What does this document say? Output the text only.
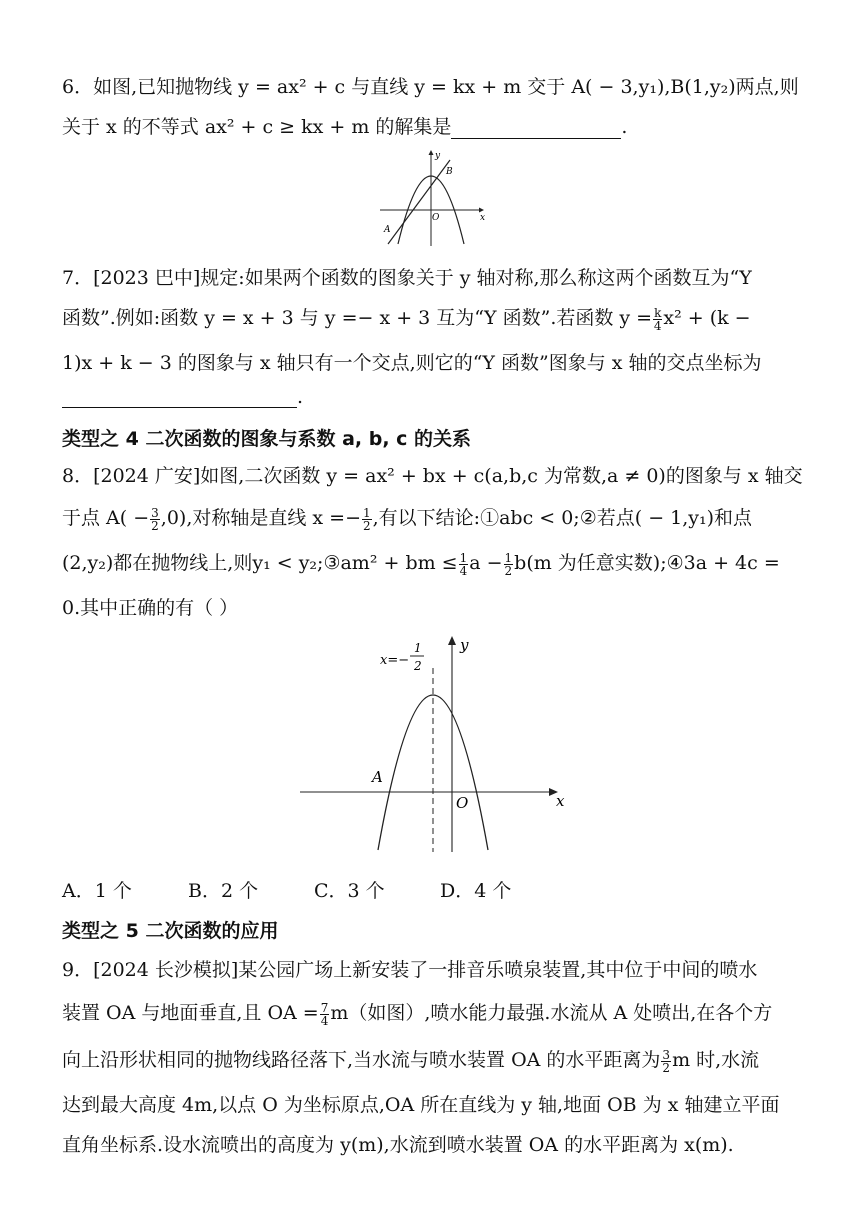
6．如图,已知抛物线 y = ax² + c 与直线 y = kx + m 交于 A( − 3,y₁),B(1,y₂)两点,则
关于 x 的不等式 ax² + c ≥ kx + m 的解集是	.
y
x
O
A
B
7．[2023 巴中]规定:如果两个函数的图象关于 y 轴对称,那么称这两个函数互为“Y
函数”.例如:函数 y = x + 3 与 y =− x + 3 互为“Y 函数”.若函数 $y = \frac{k}{4} x^2 + (k$ −
1)x + k − 3 的图象与 x 轴只有一个交点,则它的“Y 函数”图象与 x 轴的交点坐标为
.
类型之 4 二次函数的图象与系数 a, b, c 的关系
8．[2024 广安]如图,二次函数 y = ax² + bx + c(a,b,c 为常数,a ≠ 0)的图象与 x 轴交
于点 $A( - \frac{3}{2} ,0)$,对称轴是直线 $x =- \frac{1}{2}$ ,有以下结论:①abc < 0;②若点( − 1,y₁)和点
(2,y₂)都在抛物线上,则y₁ < y₂;③am² + bm ≤ $\frac{1}{4}$ $a - \frac{1}{2} b(m$ 为任意实数);④3a + 4c =
0.其中正确的有（ ）
x=−
1
2
y
x
O
A
A．1 个	B．2 个	C．3 个	D．4 个
类型之 5 二次函数的应用
9．[2024 长沙模拟]某公园广场上新安装了一排音乐喷泉装置,其中位于中间的喷水
装置 OA 与地面垂直,且 OA = $\frac{7}{4} m$（如图）,喷水能力最强.水流从 A 处喷出,在各个方
向上沿形状相同的抛物线路径落下,当水流与喷水装置 OA 的水平距离为 $\frac{3}{2}$ m 时,水流
达到最大高度 4m,以点 O 为坐标原点,OA 所在直线为 y 轴,地面 OB 为 x 轴建立平面
直角坐标系.设水流喷出的高度为 y(m),水流到喷水装置 OA 的水平距离为 x(m).
